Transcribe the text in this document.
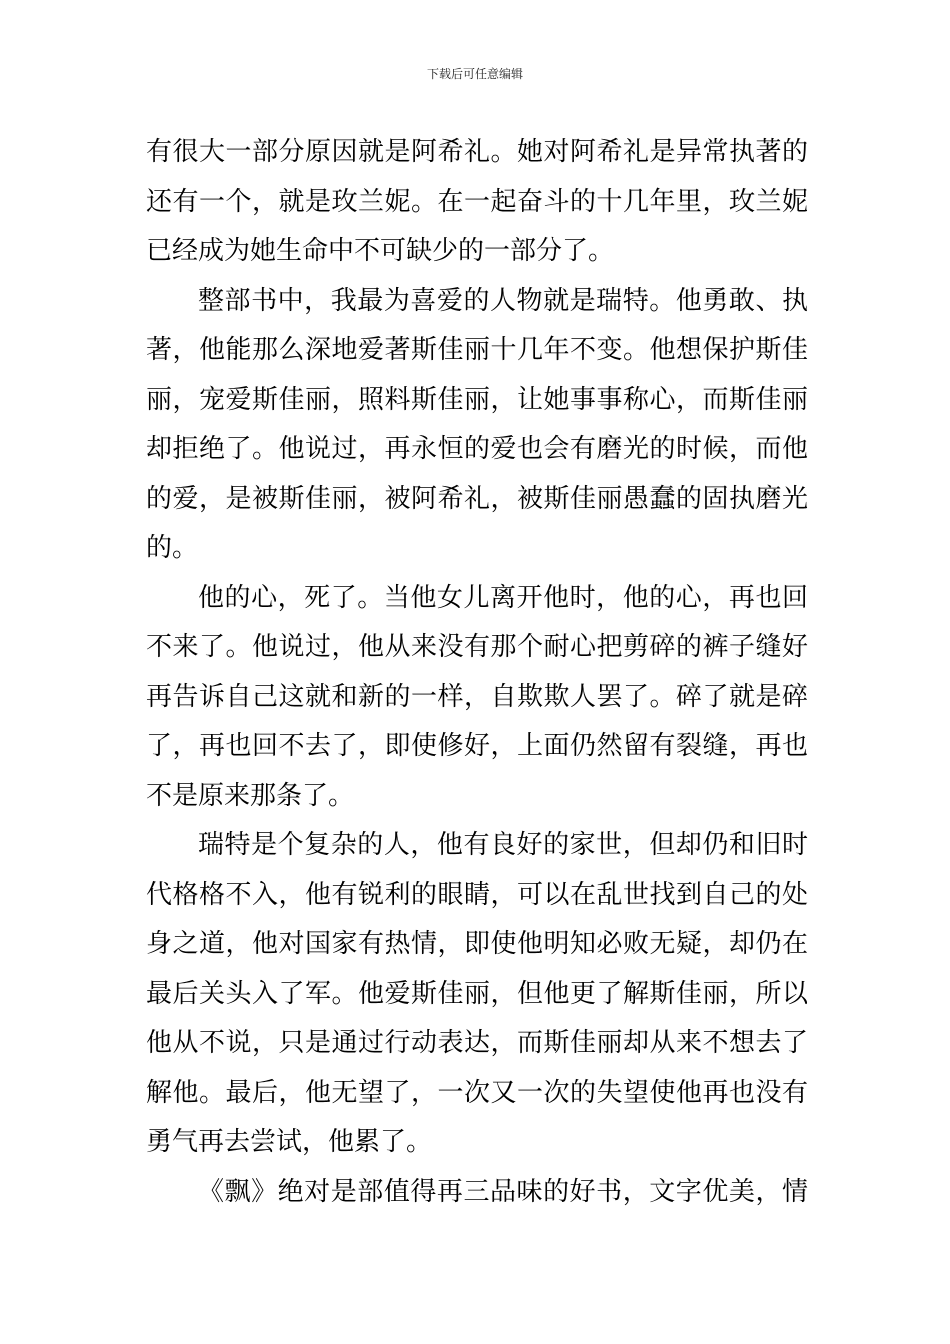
下载后可任意编辑
有很大一部分原因就是阿希礼。她对阿希礼是异常执著的
还有一个，就是玫兰妮。在一起奋斗的十几年里，玫兰妮
已经成为她生命中不可缺少的一部分了。
整部书中，我最为喜爱的人物就是瑞特。他勇敢、执
著，他能那么深地爱著斯佳丽十几年不变。他想保护斯佳
丽，宠爱斯佳丽，照料斯佳丽，让她事事称心，而斯佳丽
却拒绝了。他说过，再永恒的爱也会有磨光的时候，而他
的爱，是被斯佳丽，被阿希礼，被斯佳丽愚蠢的固执磨光
的。
他的心，死了。当他女儿离开他时，他的心，再也回
不来了。他说过，他从来没有那个耐心把剪碎的裤子缝好
再告诉自己这就和新的一样，自欺欺人罢了。碎了就是碎
了，再也回不去了，即使修好，上面仍然留有裂缝，再也
不是原来那条了。
瑞特是个复杂的人，他有良好的家世，但却仍和旧时
代格格不入，他有锐利的眼睛，可以在乱世找到自己的处
身之道，他对国家有热情，即使他明知必败无疑，却仍在
最后关头入了军。他爱斯佳丽，但他更了解斯佳丽，所以
他从不说，只是通过行动表达，而斯佳丽却从来不想去了
解他。最后，他无望了，一次又一次的失望使他再也没有
勇气再去尝试，他累了。
《飘》绝对是部值得再三品味的好书，文字优美，情
